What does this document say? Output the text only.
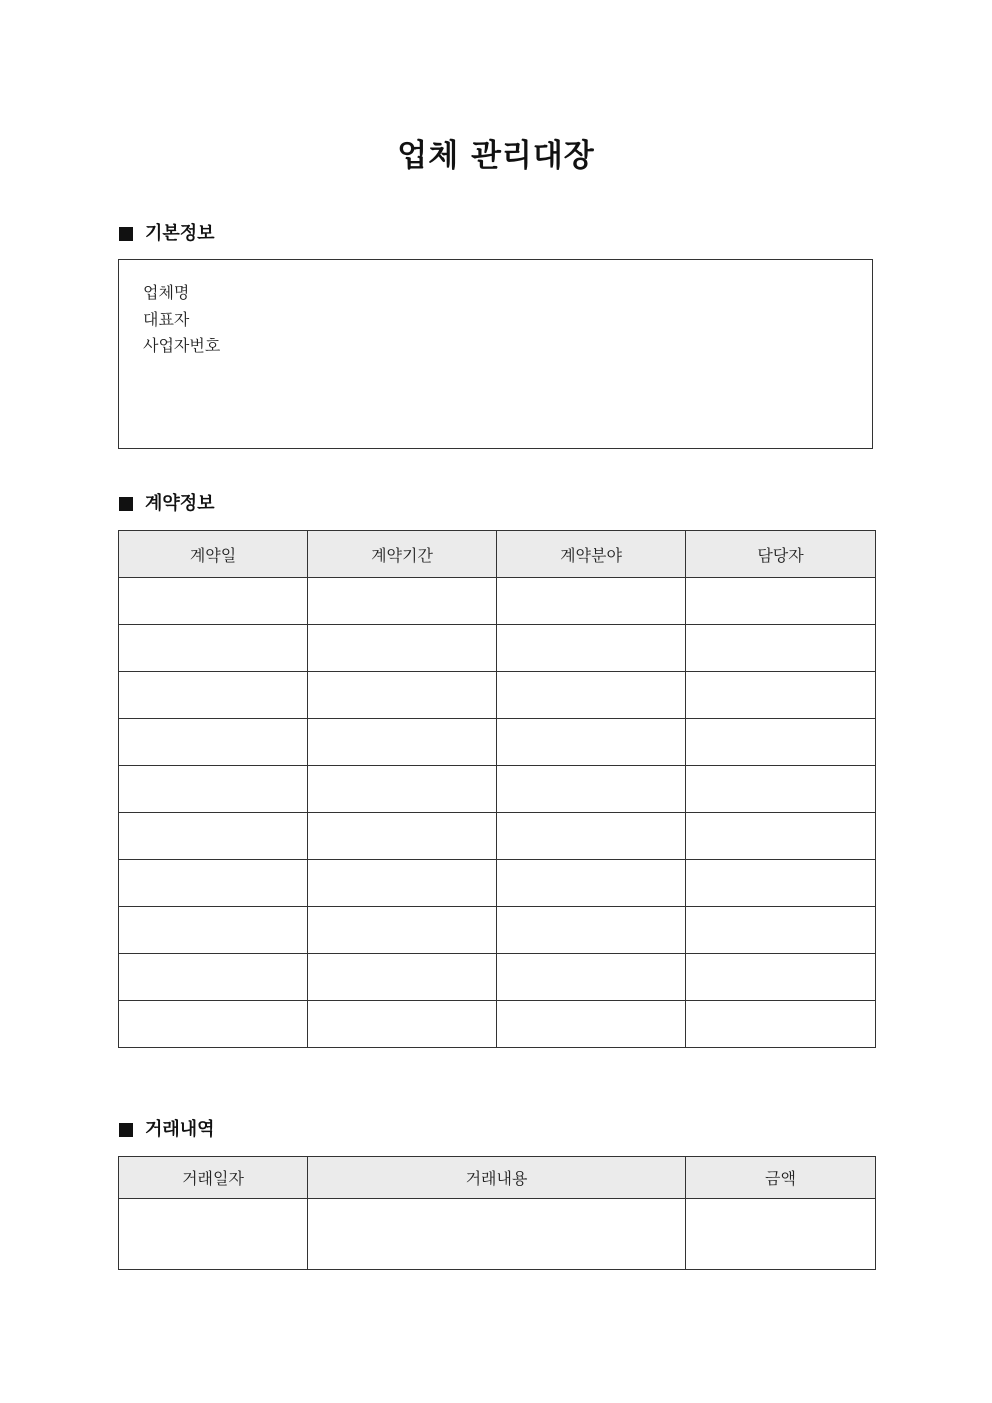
업체 관리대장
기본정보
업체명
대표자
사업자번호
계약정보
계약일	계약기간	계약분야	담당자

거래내역
거래일자	거래내용	금액
